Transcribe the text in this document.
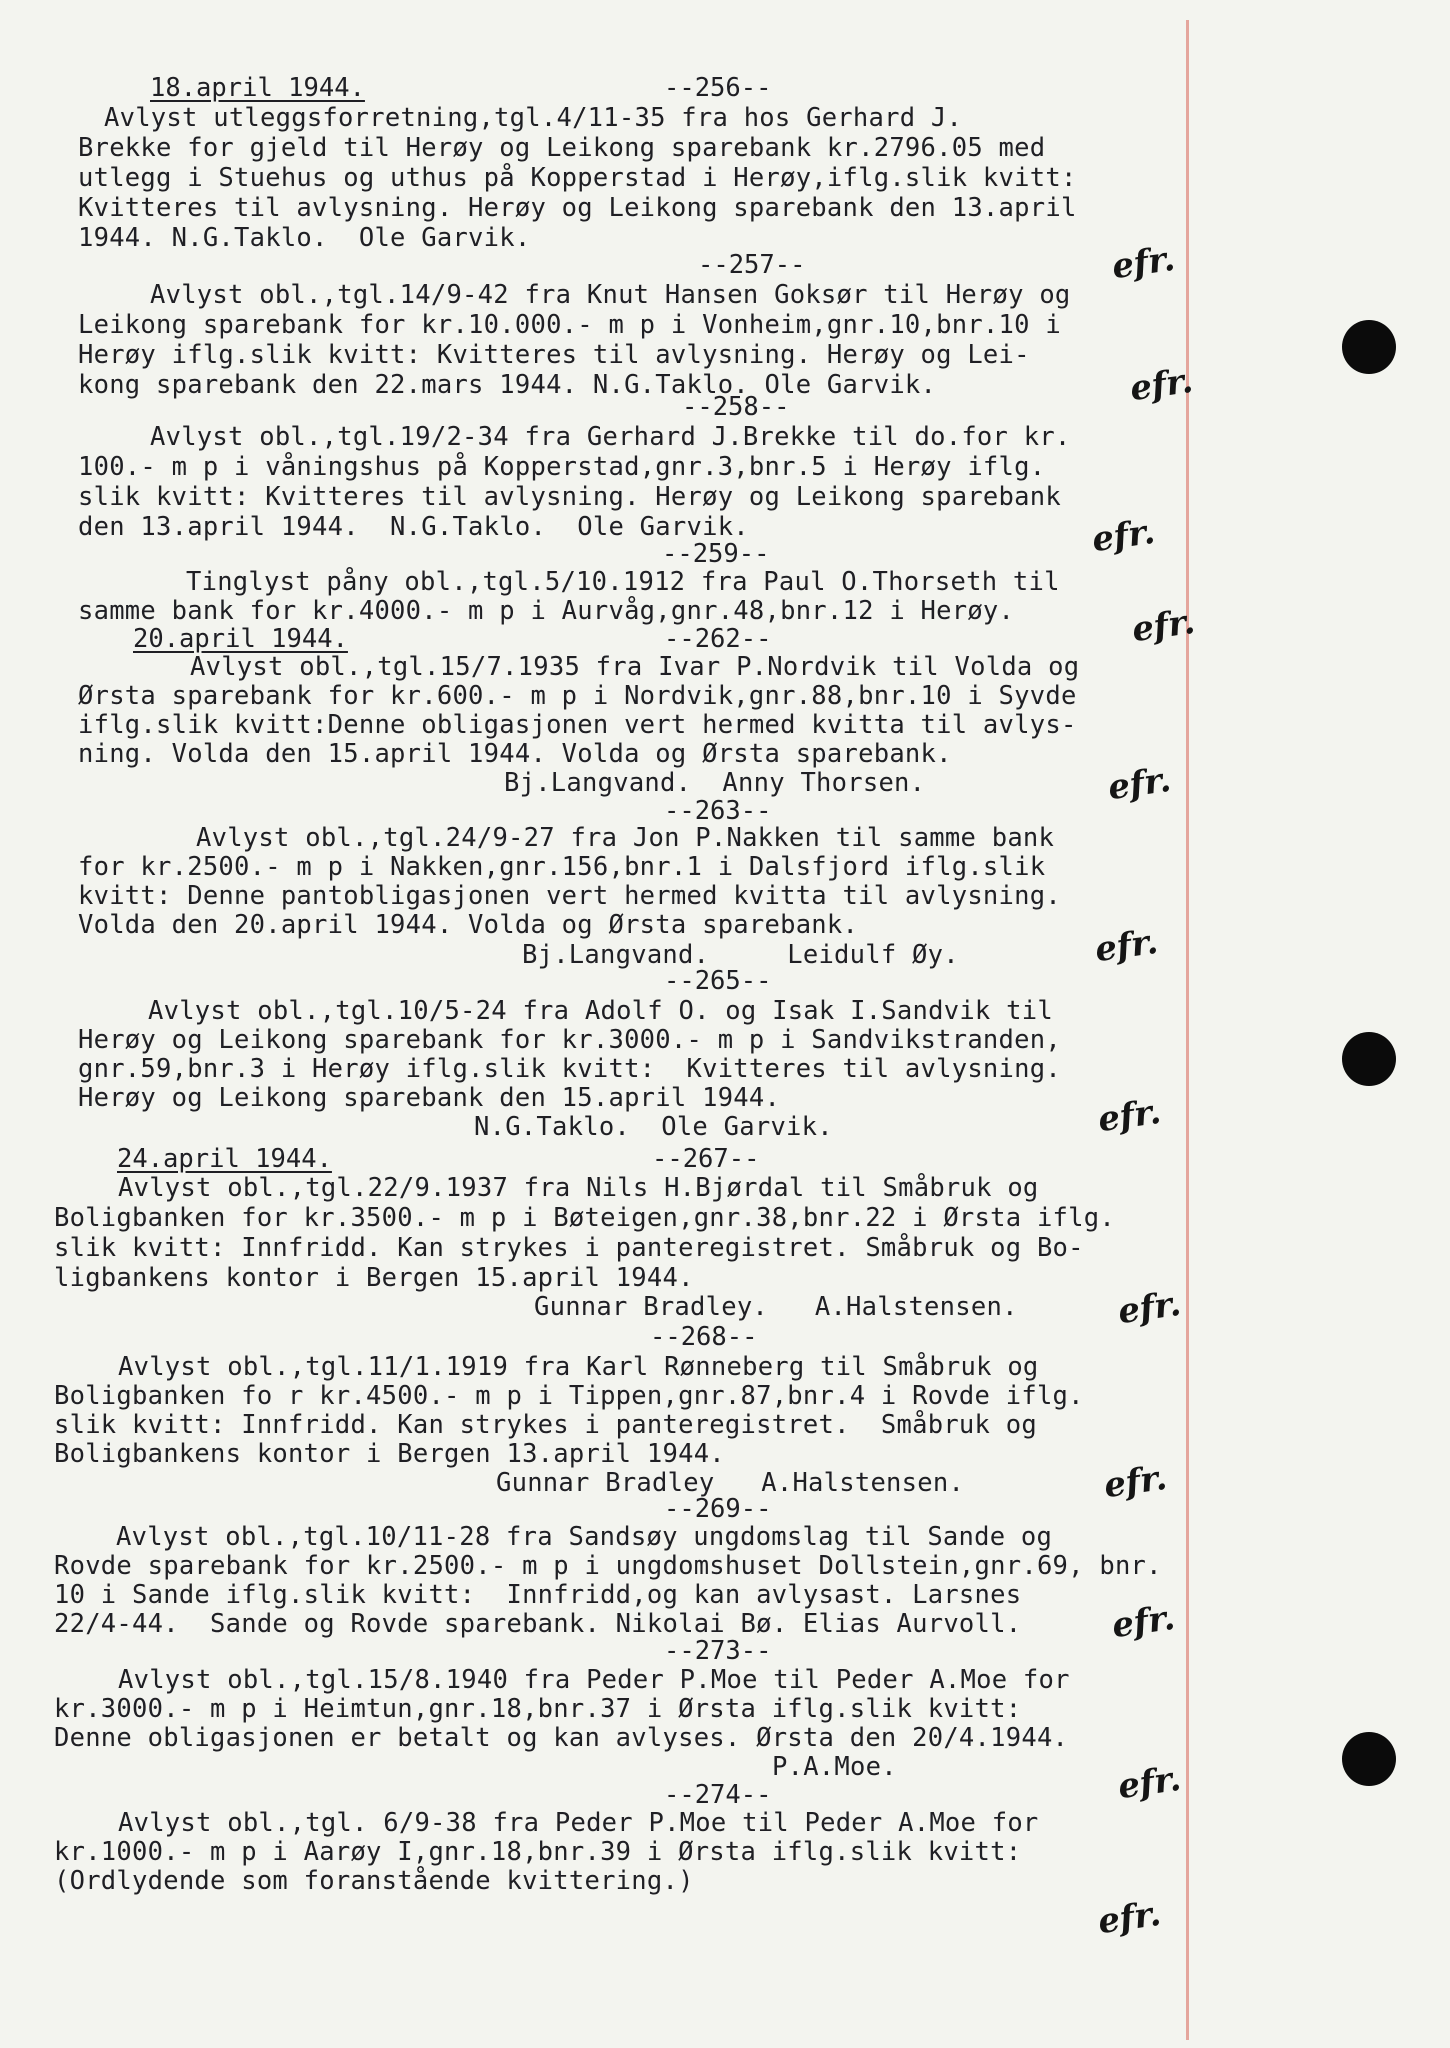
18.april 1944.	--256--
Avlyst utleggsforretning,tgl.4/11-35 fra hos Gerhard J.
Brekke for gjeld til Herøy og Leikong sparebank kr.2796.05 med
utlegg i Stuehus og uthus på Kopperstad i Herøy,iflg.slik kvitt:
Kvitteres til avlysning. Herøy og Leikong sparebank den 13.april
1944. N.G.Taklo.  Ole Garvik.
efr.
--257--
Avlyst obl.,tgl.14/9-42 fra Knut Hansen Goksør til Herøy og
Leikong sparebank for kr.10.000.- m p i Vonheim,gnr.10,bnr.10 i
Herøy iflg.slik kvitt: Kvitteres til avlysning. Herøy og Lei-
kong sparebank den 22.mars 1944. N.G.Taklo. Ole Garvik.	efr.
--258--
Avlyst obl.,tgl.19/2-34 fra Gerhard J.Brekke til do.for kr.
100.- m p i våningshus på Kopperstad,gnr.3,bnr.5 i Herøy iflg.
slik kvitt: Kvitteres til avlysning. Herøy og Leikong sparebank
den 13.april 1944.  N.G.Taklo.  Ole Garvik.	efr.
--259--
Tinglyst påny obl.,tgl.5/10.1912 fra Paul O.Thorseth til
samme bank for kr.4000.- m p i Aurvåg,gnr.48,bnr.12 i Herøy.	efr.
20.april 1944.	--262--
Avlyst obl.,tgl.15/7.1935 fra Ivar P.Nordvik til Volda og
Ørsta sparebank for kr.600.- m p i Nordvik,gnr.88,bnr.10 i Syvde
iflg.slik kvitt:Denne obligasjonen vert hermed kvitta til avlys-
ning. Volda den 15.april 1944. Volda og Ørsta sparebank.
Bj.Langvand.  Anny Thorsen.	efr.
--263--
Avlyst obl.,tgl.24/9-27 fra Jon P.Nakken til samme bank
for kr.2500.- m p i Nakken,gnr.156,bnr.1 i Dalsfjord iflg.slik
kvitt: Denne pantobligasjonen vert hermed kvitta til avlysning.
Volda den 20.april 1944. Volda og Ørsta sparebank.
Bj.Langvand.     Leidulf Øy.	efr.
--265--
Avlyst obl.,tgl.10/5-24 fra Adolf O. og Isak I.Sandvik til
Herøy og Leikong sparebank for kr.3000.- m p i Sandvikstranden,
gnr.59,bnr.3 i Herøy iflg.slik kvitt:  Kvitteres til avlysning.
Herøy og Leikong sparebank den 15.april 1944.
N.G.Taklo.  Ole Garvik.	efr.
24.april 1944.	--267--
Avlyst obl.,tgl.22/9.1937 fra Nils H.Bjørdal til Småbruk og
Boligbanken for kr.3500.- m p i Bøteigen,gnr.38,bnr.22 i Ørsta iflg.
slik kvitt: Innfridd. Kan strykes i panteregistret. Småbruk og Bo-
ligbankens kontor i Bergen 15.april 1944.
Gunnar Bradley.   A.Halstensen.	efr.
--268--
Avlyst obl.,tgl.11/1.1919 fra Karl Rønneberg til Småbruk og
Boligbanken fo r kr.4500.- m p i Tippen,gnr.87,bnr.4 i Rovde iflg.
slik kvitt: Innfridd. Kan strykes i panteregistret.  Småbruk og
Boligbankens kontor i Bergen 13.april 1944.
Gunnar Bradley   A.Halstensen.	efr.
--269--
Avlyst obl.,tgl.10/11-28 fra Sandsøy ungdomslag til Sande og
Rovde sparebank for kr.2500.- m p i ungdomshuset Dollstein,gnr.69, bnr.
10 i Sande iflg.slik kvitt:  Innfridd,og kan avlysast. Larsnes
22/4-44.  Sande og Rovde sparebank. Nikolai Bø. Elias Aurvoll.	efr.
--273--
Avlyst obl.,tgl.15/8.1940 fra Peder P.Moe til Peder A.Moe for
kr.3000.- m p i Heimtun,gnr.18,bnr.37 i Ørsta iflg.slik kvitt:
Denne obligasjonen er betalt og kan avlyses. Ørsta den 20/4.1944.
P.A.Moe.	efr.
--274--
Avlyst obl.,tgl. 6/9-38 fra Peder P.Moe til Peder A.Moe for
kr.1000.- m p i Aarøy I,gnr.18,bnr.39 i Ørsta iflg.slik kvitt:
(Ordlydende som foranstående kvittering.)
efr.
